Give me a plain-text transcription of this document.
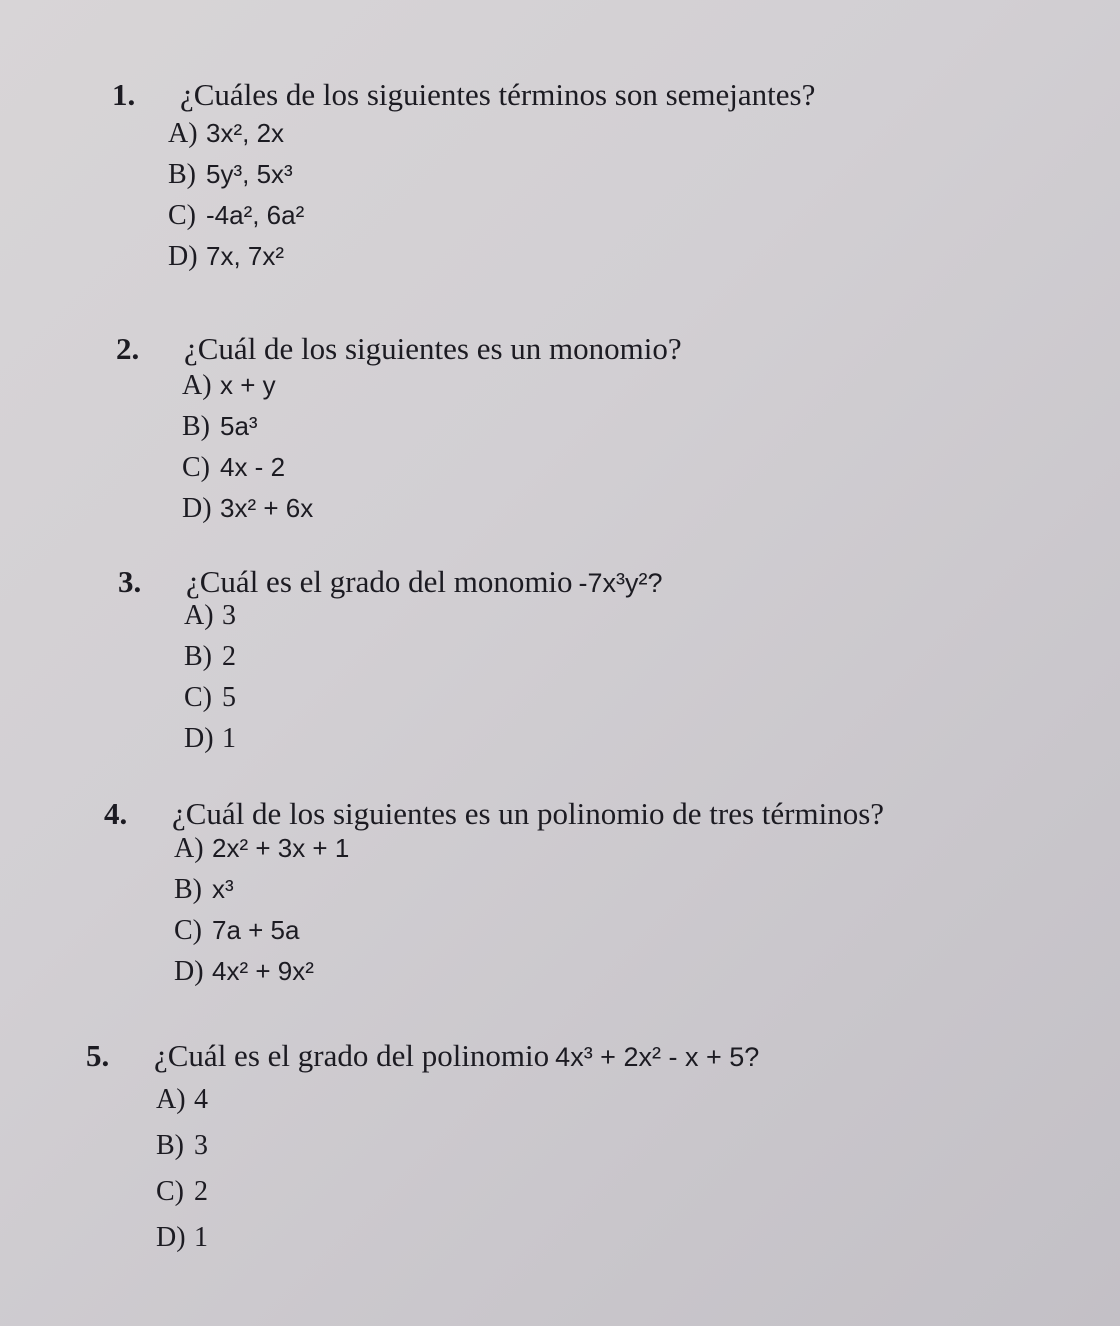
1.	¿Cuáles de los siguientes términos son semejantes?
A) 3x², 2x
B) 5y³, 5x³
C) -4a², 6a²
D) 7x, 7x²
2.	¿Cuál de los siguientes es un monomio?
A) x + y
B) 5a³
C) 4x - 2
D) 3x² + 6x
3.	¿Cuál es el grado del monomio -7x³y²?
A) 3
B) 2
C) 5
D) 1
4.	¿Cuál de los siguientes es un polinomio de tres términos?
A) 2x² + 3x + 1
B) x³
C) 7a + 5a
D) 4x² + 9x²
5.	¿Cuál es el grado del polinomio 4x³ + 2x² - x + 5?
A) 4
B) 3
C) 2
D) 1
